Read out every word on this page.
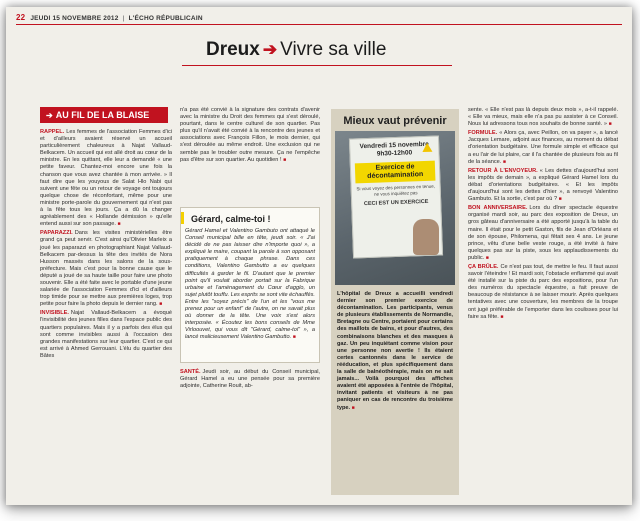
22 JEUDI 15 NOVEMBRE 2012 | L'ÉCHO RÉPUBLICAIN
Dreux ➔ Vivre sa ville
➔ AU FIL DE LA BLAISE

RAPPEL. Les femmes de l'association Femmes d'ici et d'ailleurs avaient réservé un accueil particulièrement chaleureux à Najat Vallaud-Belkacem. Un accueil qui est allé droit au cœur de la ministre. En les quittant, elle leur a demandé « une petite faveur. Chantez-moi encore une fois la chanson que vous avez chantée à mon arrivée. » Il faut dire que les youyous de Salat Hlo Nabi qui suivent une fête ou un retour de voyage ont toujours quelque chose de réconfortant, même pour une ministre porte-parole du gouvernement qui n'est pas à la fête tous les jours. Ça a dû la changer agréablement des « Hollande démission » qu'elle entend aussi sur son passage. ■

PAPARAZZI. Dans les visites ministérielles être grand ça peut servir. C'est ainsi qu'Olivier Marleix a joué les paparazzi en photographiant Najat Vallaud-Belkacem par-dessus la tête des invités de Nora Husson massés dans les salons de la sous-préfecture. Mais c'est pour la bonne cause que le député a joué de sa haute taille pour faire une photo souvenir. Elle a été faite avec le portable d'une jeune salariée de l'association Femmes d'ici et d'ailleurs trop timide pour se mettre aux premières loges, trop petite pour faire la photo depuis le dernier rang. ■

INVISIBLE. Najat Vallaud-Belkacem a évoqué l'invisibilité des jeunes filles dans l'espace public des quartiers populaires. Mais il y a parfois des élus qui sont comme invisibles aussi à l'occasion des grandes manifestations sur leur quartier. C'est ce qui est arrivé à Ahmed Gerrouani. L'élu du quartier des Bâtes

n'a pas été convié à la signature des contrats d'avenir avec la ministre du Droit des femmes qui s'est déroulé, pourtant, dans le centre culturel de son quartier. Pas plus qu'il n'avait été convié à la rencontre des jeunes et associations avec François Fillon, le mois dernier, qui s'est déroulée au même endroit. Une exclusion qui ne semble pas le troubler outre mesure. Ça ne l'empêche pas d'être sur son quartier. Au quotidien ! ■

Gérard, calme-toi !

Gérard Hamel et Valentino Gambuto ont attaqué le Conseil municipal bille en tête, jeudi soir. « J'ai décidé de ne pas laisser dire n'importe quoi », a expliqué le maire, coupant la parole à son opposant pratiquement à chaque phrase. Dans ces conditions, Valentino Gambutto a eu quelques difficultés à garder le fil. D'autant que le premier point qu'il voulait aborder portait sur la Fabrique urbaine et l'aménagement du Cœur d'agglo, un sujet plutôt touffu. Les esprits se sont vite échauffés. Entre les "soyez précis" de l'un et les "vous me prenez pour un enfant" de l'autre, on ne savait plus où donner de la tête. Une voix s'est alors interposée. « Écoutez les bons conseils de Mme Virloouvet, qui vous dit "Gérard, calme-toi" », a lancé malicieusement Valentino Gambutto. ■

SANTÉ. Jeudi soir, au début du Conseil municipal, Gérard Hamel a eu une pensée pour sa première adjointe, Catherine Rouit, ab-

Mieux vaut prévenir
Vendredi 15 novembre
9h30-12h00
Exercice de décontamination
Si vous voyez des personnes en tenue, ne vous inquiétez pas
CECI EST UN EXERCICE

L'hôpital de Dreux a accueilli vendredi dernier son premier exercice de décontamination. Les participants, venus de plusieurs établissements de Normandie, Bretagne ou Centre, portaient pour certains des maillots de bains, et pour d'autres, des combinaisons blanches et des masques à gaz. Un peu inquiétant comme vision pour une personne non avertie ! Ils étaient certes cantonnés dans le service de rééducation, et plus spécifiquement dans la salle de balnéothérapie, mais on ne sait jamais... Voilà pourquoi des affiches avaient été apposées à l'entrée de l'hôpital, invitant patients et visiteurs à ne pas paniquer en cas de rencontre du troisième type. ■

sente. « Elle n'est pas là depuis deux mois », a-t-il rappelé. « Elle va mieux, mais elle n'a pas pu assister à ce Conseil. Nous lui adressons tous nos souhaits de bonne santé. » ■

FORMULE. « Alors ça, avec Peillon, on va payer », a lancé Jacques Lemare, adjoint aux finances, au moment du débat d'orientation budgétaire. Une formule simple et efficace qui a eu l'air de lui plaire, car il l'a chantée de plusieurs fois au fil de la séance. ■

RETOUR À L'ENVOYEUR. « Les dettes d'aujourd'hui sont les impôts de demain », a expliqué Gérard Hamel lors du débat d'orientations budgétaires. « Et les impôts d'aujourd'hui sont les dettes d'hier », a renvoyé Valentino Gambuto. Et la sortie, c'est par où ? ■

BON ANNIVERSAIRE. Lors du dîner spectacle équestre organisé mardi soir, au parc des exposition de Dreux, un gros gâteau d'anniversaire a été apporté jusqu'à la table du maire. Il était pour le petit Gaston, fils de Jean d'Orléans et de son épouse, Philomena, qui fêtait ses 4 ans. Le jeune prince, vêtu d'une belle veste rouge, a été invité à faire quelques pas sur la piste, sous les applaudissements du public. ■

ÇA BRÛLE. Ce n'est pas tout, de mettre le feu. Il faut aussi savoir l'éteindre ! Et mardi soir, l'obstacle enflammé qui avait été installé sur la piste du parc des expositions, pour l'un des numéros du spectacle équestre, a fait preuve de beaucoup de résistance à se laisser mourir. Après quelques tentatives avec une couverture, les membres de la troupe ont jugé préférable de l'emporter dans les coulisses pour lui faire sa fête. ■
